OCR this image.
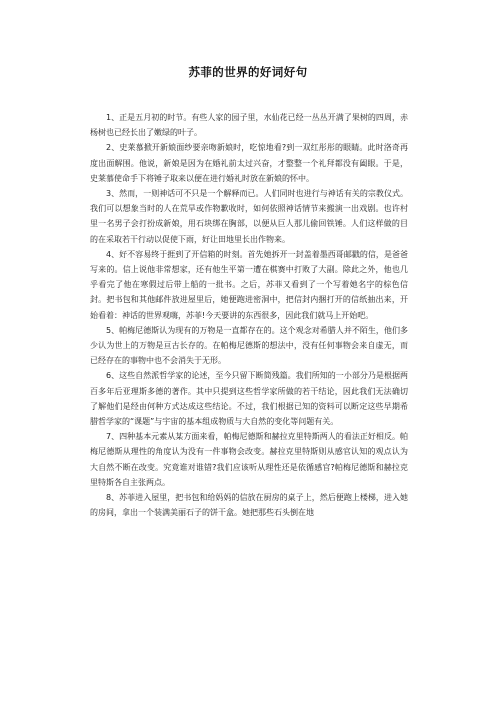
苏菲的世界的好词好句

1、正是五月初的时节。有些人家的园子里，水仙花已经一丛丛开满了果树的四周，赤杨树也已经长出了嫩绿的叶子。

2、史莱慕掀开新娘面纱要亲吻新娘时，吃惊地看?到一双红彤彤的眼睛。此时洛奇再度出面解围。他说，新娘是因为在婚礼前太过兴奋，才整整一个礼拜都没有阖眼。于是，史莱慕使命手下将锤子取来以便在进行婚礼时放在新娘的怀中。

3、然而，一则神话可不只是一个解释而已。人们同时也进行与神话有关的宗教仪式。我们可以想象当时的人在荒旱或作物歉收时，如何依照神话情节来搬演一出戏剧。也许村里一名男子会打扮成新娘，用石块绑在胸部，以便从巨人那儿偷回铁锤。人们这样做的目的在采取若干行动以促使下雨，好让田地里长出作物来。

4、好不容易终于捱到了开信箱的时刻。首先她拆开一封盖着墨西哥邮戳的信，是爸爸写来的。信上说他非常想家，还有他生平第一遭在棋赛中打败了大副。除此之外，他也几乎看完了他在寒假过后带上船的一批书。之后，苏菲又看到了一个写着她名字的棕色信封。把书包和其他邮件放进屋里后，她便跑进密洞中，把信封内捆打开的信纸抽出来，开始看着：神话的世界观嗨，苏菲!今天要讲的东西很多，因此我们就马上开始吧。

5、帕梅尼德斯认为现有的万物是一直都存在的。这个观念对希腊人并不陌生，他们多少认为世上的万物是亘古长存的。在帕梅尼德斯的想法中，没有任何事物会来自虚无，而已经存在的事物中也不会消失于无形。

6、这些自然派哲学家的论述，至今只留下断简残篇。我们所知的一小部分乃是根据两百多年后亚理斯多德的著作。其中只提到这些哲学家所做的若干结论，因此我们无法确切了解他们是经由何种方式达成这些结论。不过，我们根据已知的资料可以断定这些早期希腊哲学家的“课题”与宇宙的基本组成物质与大自然的变化等问题有关。

7、四种基本元素从某方面来看，帕梅尼德斯和赫拉克里特斯两人的看法正好相反。帕梅尼德斯从理性的角度认为没有一件事物会改变。赫拉克里特斯则从感官认知的观点认为大自然不断在改变。究竟谁对谁错?我们应该听从理性还是依循感官?帕梅尼德斯和赫拉克里特斯各自主张两点。

8、苏菲进入屋里，把书包和给妈妈的信放在厨房的桌子上，然后便跑上楼梯，进入她的房间，拿出一个装满美丽石子的饼干盒。她把那些石头倒在地
